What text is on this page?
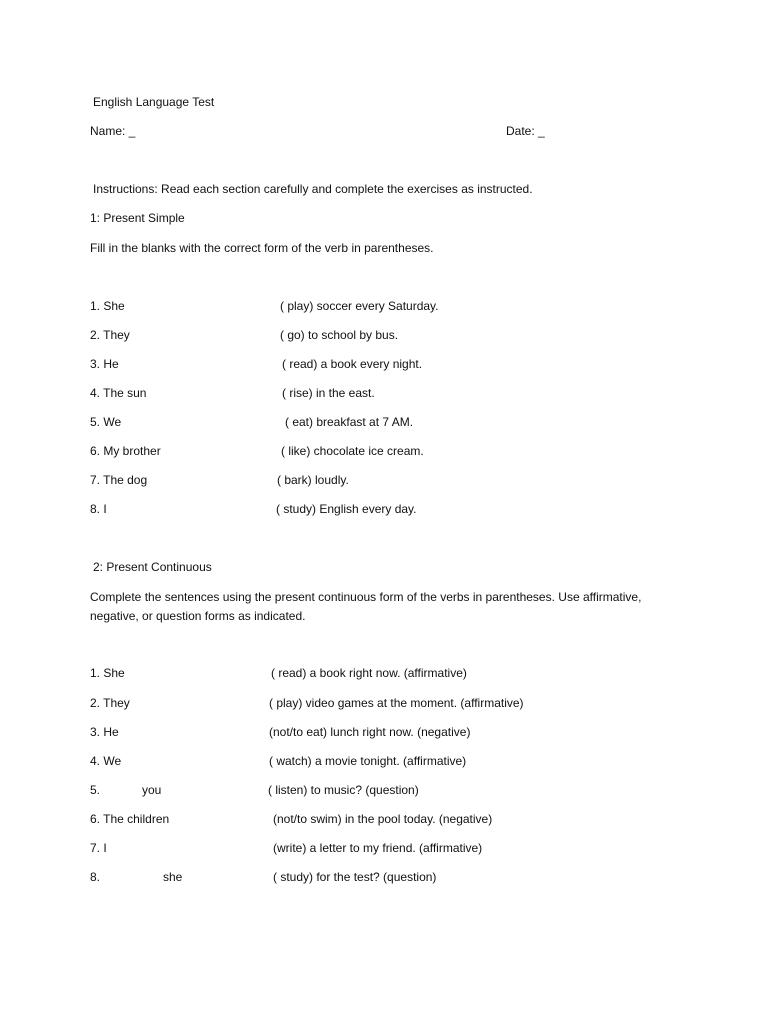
English Language Test
Name: _	Date: _
Instructions: Read each section carefully and complete the exercises as instructed.
1: Present Simple
Fill in the blanks with the correct form of the verb in parentheses.
1. She	( play) soccer every Saturday.
2. They	( go) to school by bus.
3. He	( read) a book every night.
4. The sun	( rise) in the east.
5. We	( eat) breakfast at 7 AM.
6. My brother	( like) chocolate ice cream.
7. The dog	( bark) loudly.
8. I	( study) English every day.
2: Present Continuous
Complete the sentences using the present continuous form of the verbs in parentheses. Use affirmative, negative, or question forms as indicated.
1. She	( read) a book right now. (affirmative)
2. They	( play) video games at the moment. (affirmative)
3. He	(not/to eat) lunch right now. (negative)
4. We	( watch) a movie tonight. (affirmative)
5.	you	( listen) to music? (question)
6. The children	(not/to swim) in the pool today. (negative)
7. I	(write) a letter to my friend. (affirmative)
8.	she	( study) for the test? (question)
